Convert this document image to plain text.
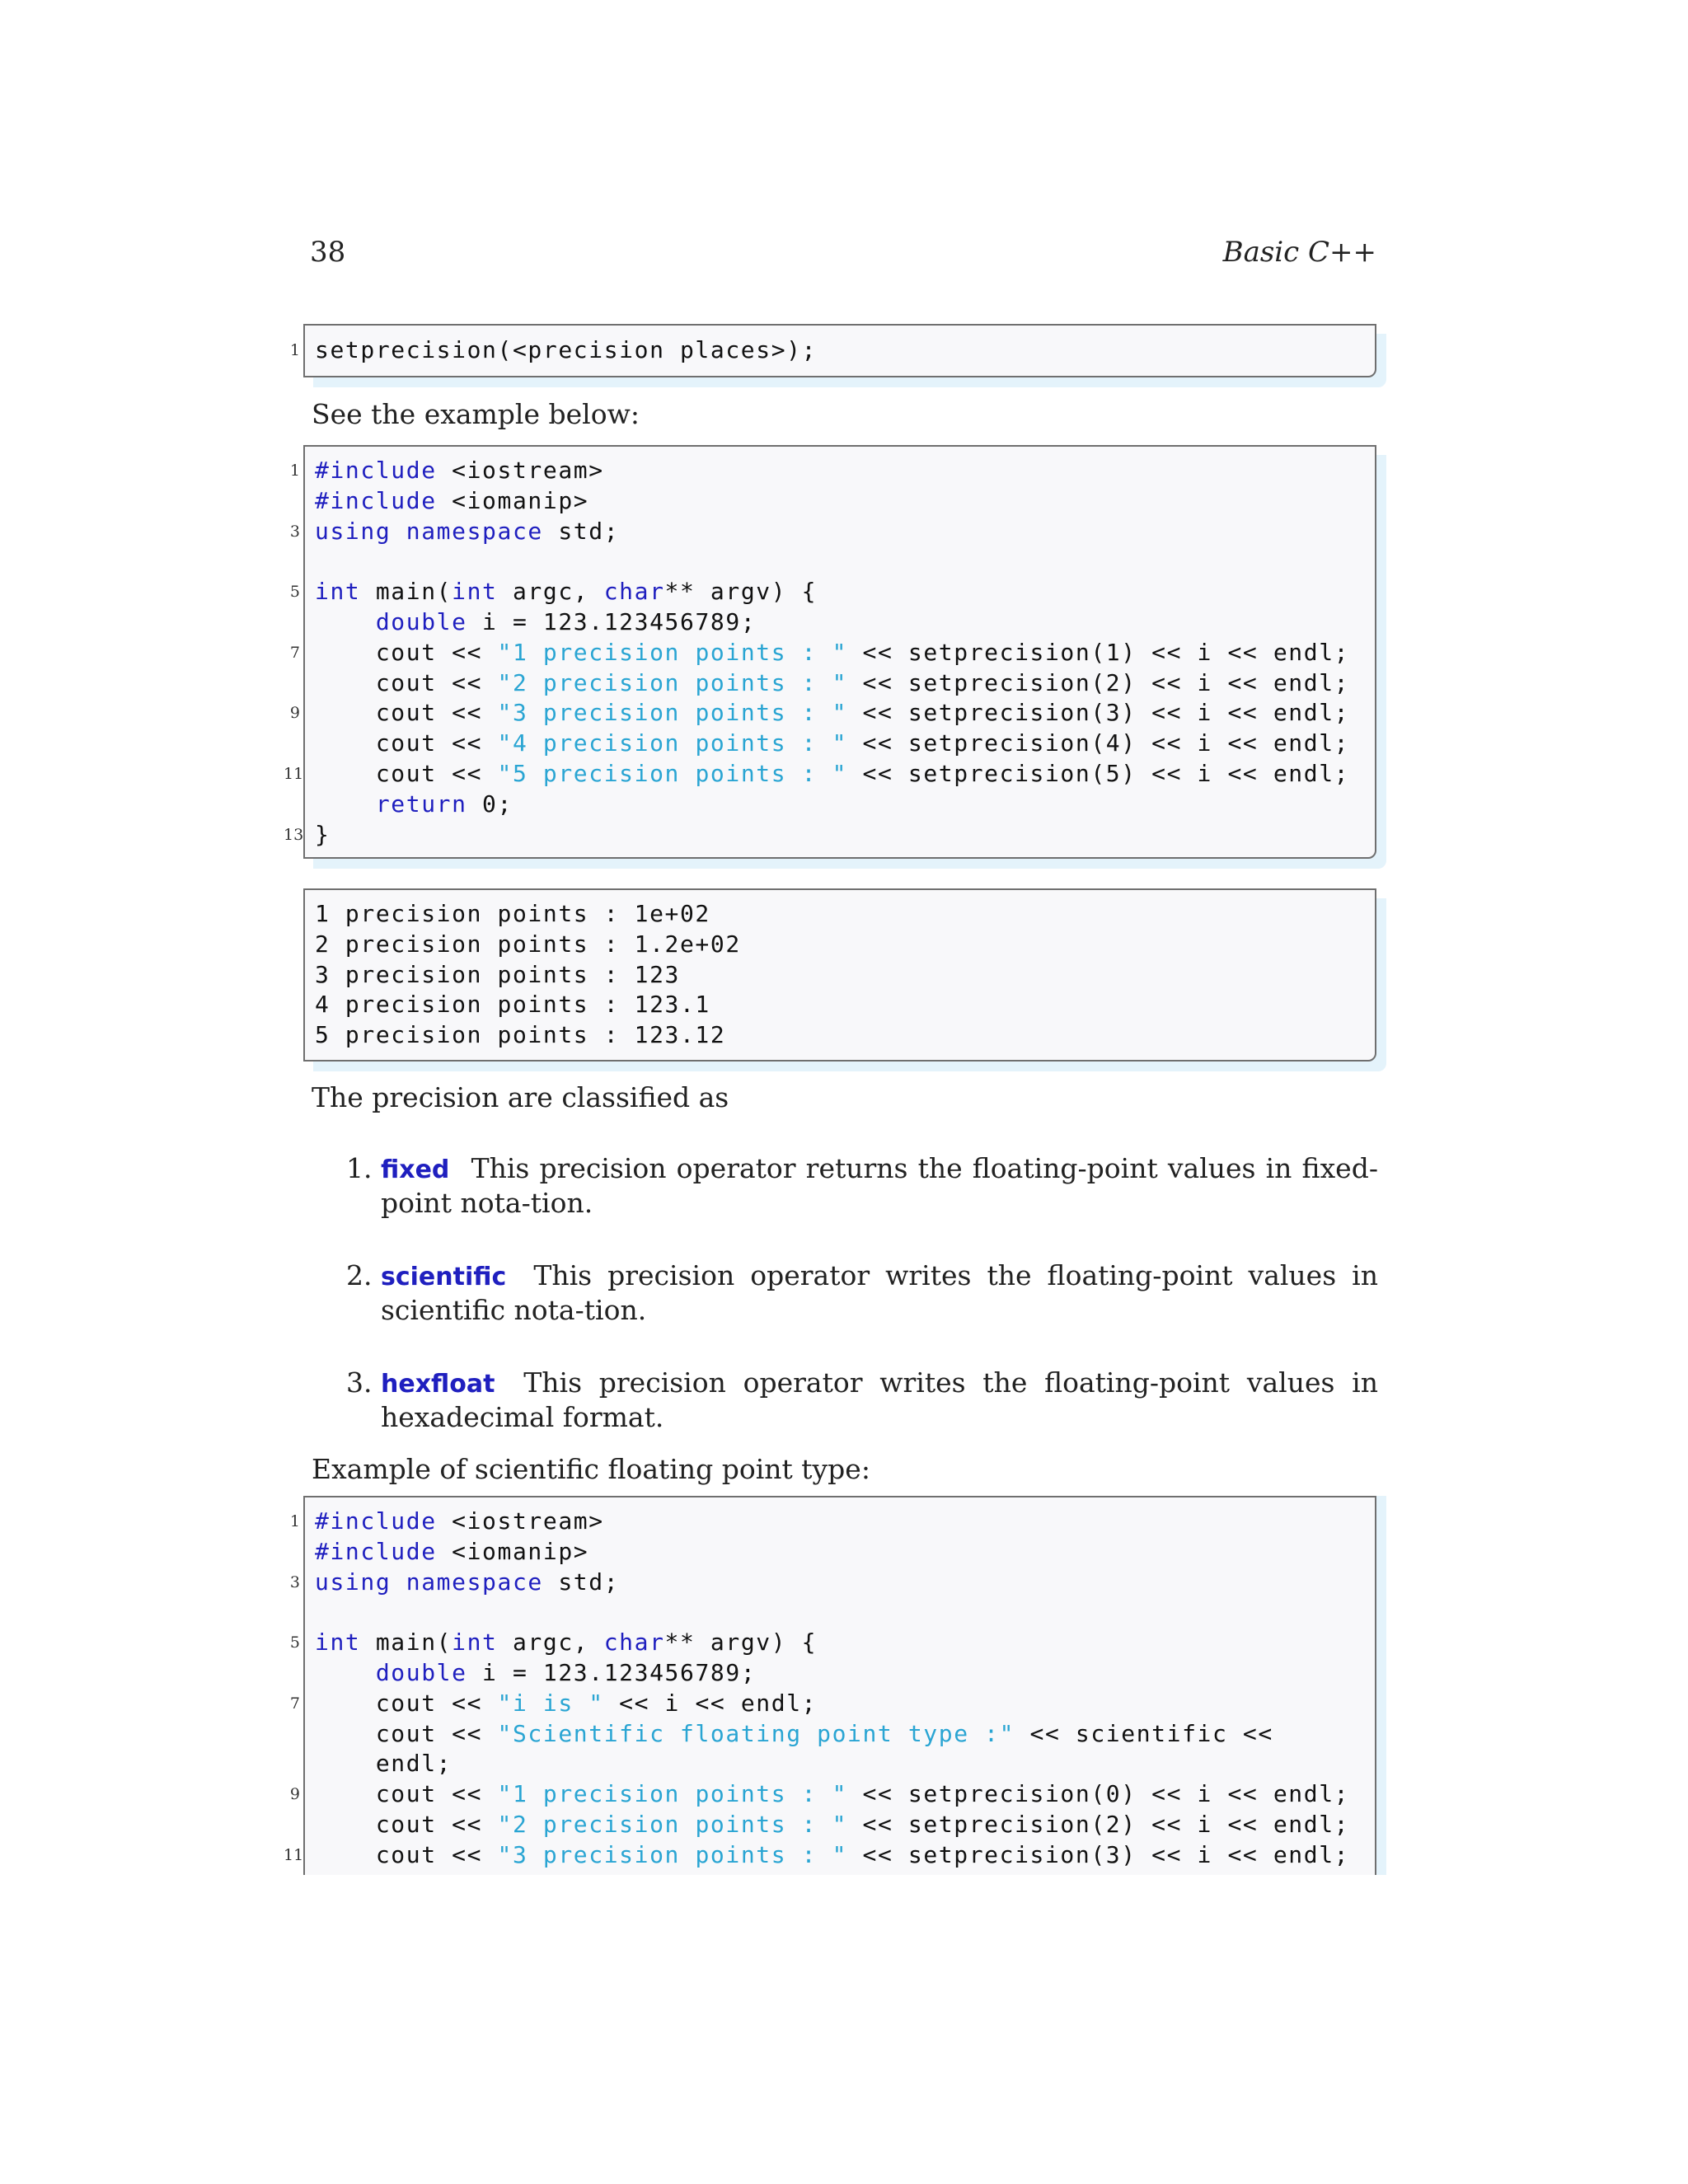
38	Basic C++
1 setprecision(<precision places>);
See the example below:
1 #include <iostream>
#include <iomanip>
3 using namespace std;
5 int main(int argc, char** argv) {
double i = 123.123456789;
7 cout << "1 precision points : " << setprecision(1) << i << endl;
cout << "2 precision points : " << setprecision(2) << i << endl;
9 cout << "3 precision points : " << setprecision(3) << i << endl;
cout << "4 precision points : " << setprecision(4) << i << endl;
11 cout << "5 precision points : " << setprecision(5) << i << endl;
return 0;
13 }
1 precision points : 1e+02
2 precision points : 1.2e+02
3 precision points : 123
4 precision points : 123.1
5 precision points : 123.12
The precision are classified as
1. fixed This precision operator returns the floating-point values in fixed-point nota-tion.
2. scientific This precision operator writes the floating-point values in scientific nota-tion.
3. hexfloat This precision operator writes the floating-point values in hexadecimal format.
Example of scientific floating point type:
1 #include <iostream>
#include <iomanip>
3 using namespace std;
5 int main(int argc, char** argv) {
double i = 123.123456789;
7 cout << "i is " << i << endl;
cout << "Scientific floating point type :" << scientific <<
endl;
9 cout << "1 precision points : " << setprecision(0) << i << endl;
cout << "2 precision points : " << setprecision(2) << i << endl;
11 cout << "3 precision points : " << setprecision(3) << i << endl;
